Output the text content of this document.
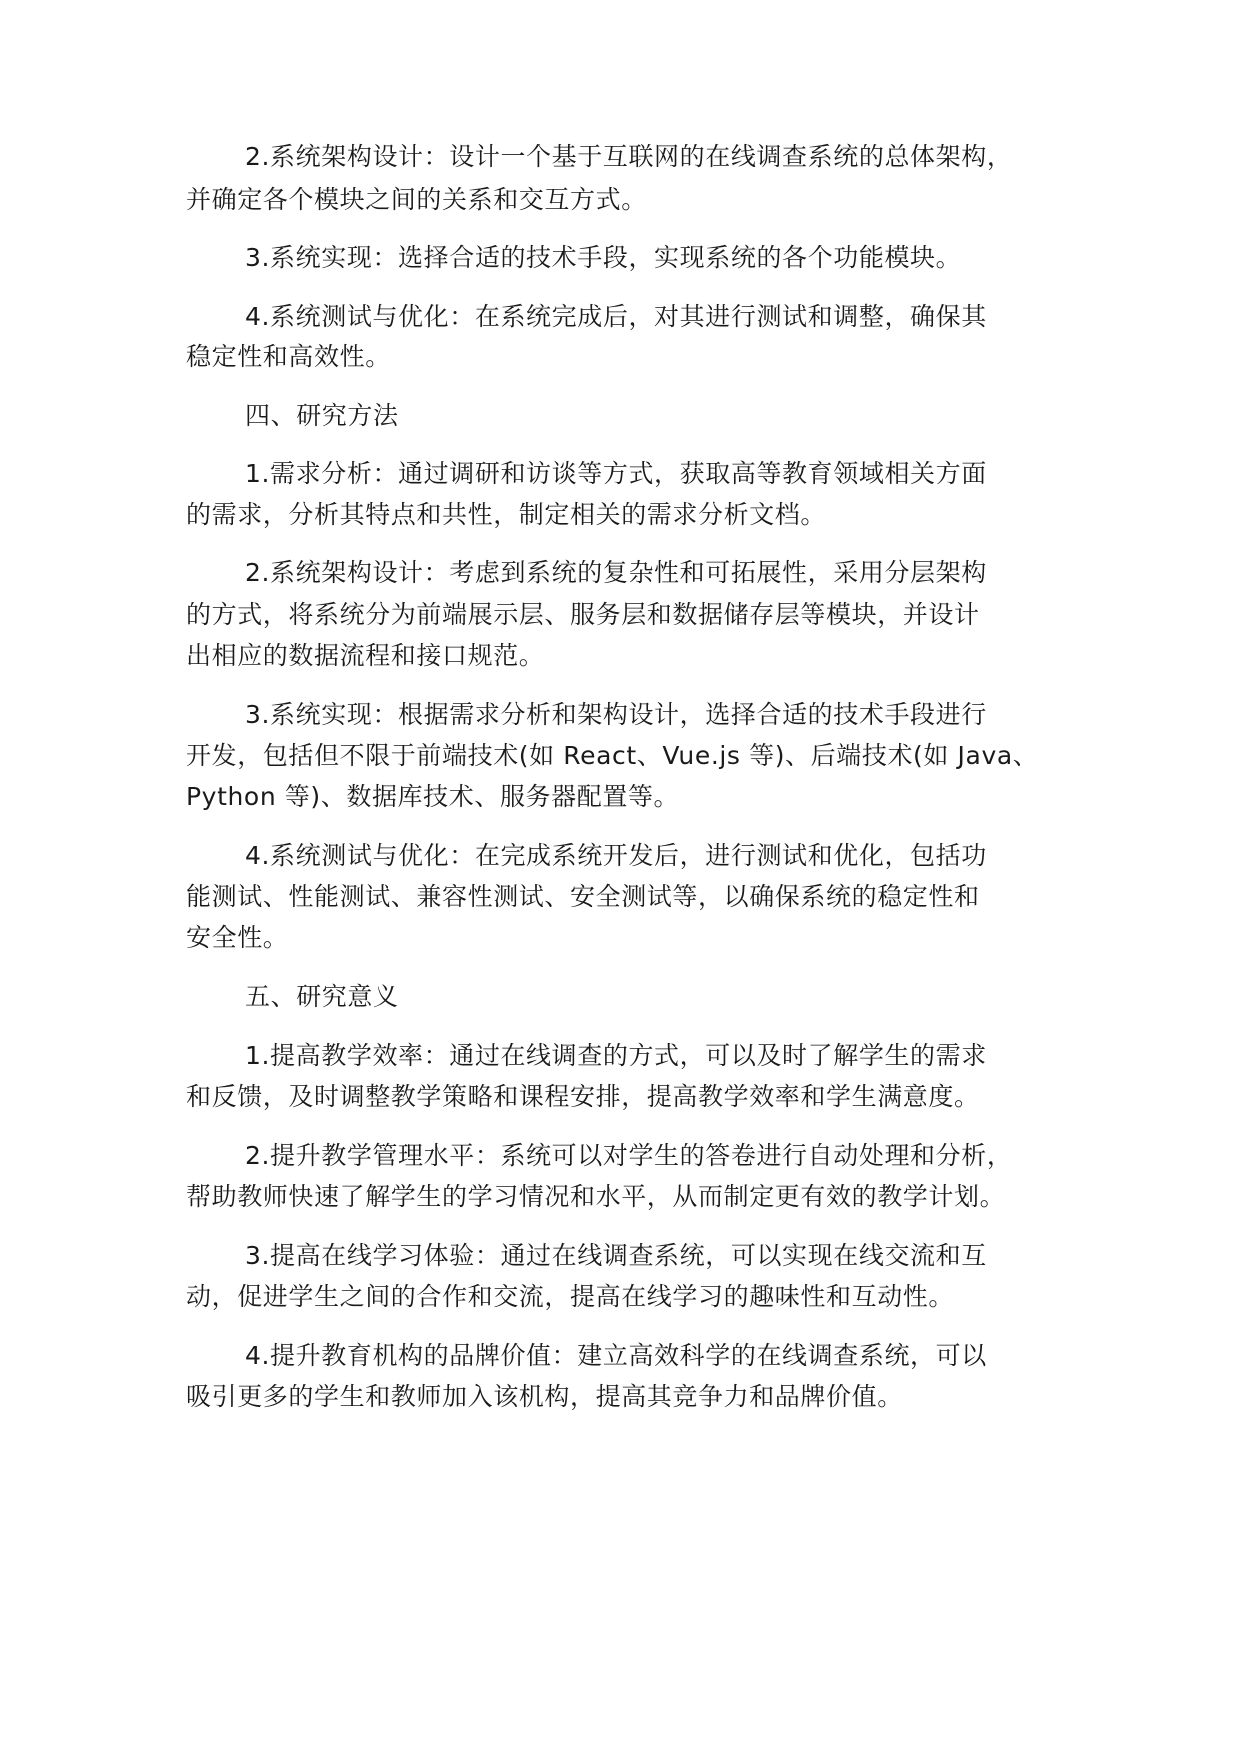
2.系统架构设计：设计一个基于互联网的在线调查系统的总体架构，
并确定各个模块之间的关系和交互方式。
3.系统实现：选择合适的技术手段，实现系统的各个功能模块。
4.系统测试与优化：在系统完成后，对其进行测试和调整，确保其
稳定性和高效性。
四、研究方法
1.需求分析：通过调研和访谈等方式，获取高等教育领域相关方面
的需求，分析其特点和共性，制定相关的需求分析文档。
2.系统架构设计：考虑到系统的复杂性和可拓展性，采用分层架构
的方式，将系统分为前端展示层、服务层和数据储存层等模块，并设计
出相应的数据流程和接口规范。
3.系统实现：根据需求分析和架构设计，选择合适的技术手段进行
开发，包括但不限于前端技术(如 React、Vue.js 等)、后端技术(如 Java、
Python 等)、数据库技术、服务器配置等。
4.系统测试与优化：在完成系统开发后，进行测试和优化，包括功
能测试、性能测试、兼容性测试、安全测试等，以确保系统的稳定性和
安全性。
五、研究意义
1.提高教学效率：通过在线调查的方式，可以及时了解学生的需求
和反馈，及时调整教学策略和课程安排，提高教学效率和学生满意度。
2.提升教学管理水平：系统可以对学生的答卷进行自动处理和分析，
帮助教师快速了解学生的学习情况和水平，从而制定更有效的教学计划。
3.提高在线学习体验：通过在线调查系统，可以实现在线交流和互
动，促进学生之间的合作和交流，提高在线学习的趣味性和互动性。
4.提升教育机构的品牌价值：建立高效科学的在线调查系统，可以
吸引更多的学生和教师加入该机构，提高其竞争力和品牌价值。
